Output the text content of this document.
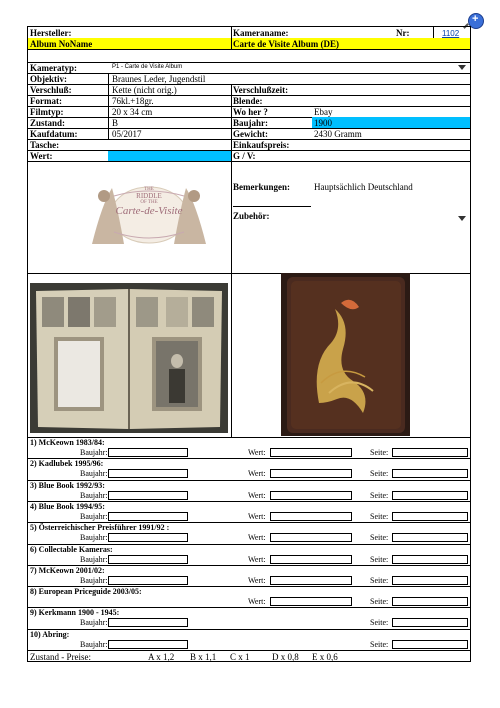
+
Hersteller:	Kameraname:	Nr:	1102
Album NoName	Carte de Visite Album (DE)
Kameratyp:	P1 - Carte de Visite Album
Objektiv:	Braunes Leder, Jugendstil
Verschluß:	Kette (nicht orig.)	Verschlußzeit:
Format:	76kl.+18gr.	Blende:
Filmtyp:	20 x 34 cm	Wo her ?	Ebay
Zustand:	B	Baujahr:	1900
Kaufdatum:	05/2017	Gewicht:	2430 Gramm
Tasche:	Einkaufspreis:
Wert:	G / V:
THE
RIDDLE
OF THE
Carte-de-Visite
Bemerkungen:	Hauptsächlich Deutschland
Zubehör:
1) McKeown 1983/84:
Baujahr:	Wert:	Seite:
2) Kadlubek 1995/96:
Baujahr:	Wert:	Seite:
3) Blue Book 1992/93:
Baujahr:	Wert:	Seite:
4) Blue Book 1994/95:
Baujahr:	Wert:	Seite:
5) Österreichischer Preisführer 1991/92 :
Baujahr:	Wert:	Seite:
6) Collectable Kameras:
Baujahr:	Wert:	Seite:
7) McKeown 2001/02:
Baujahr:	Wert:	Seite:
8) European Priceguide 2003/05:
Wert:	Seite:
9) Kerkmann 1900 - 1945:
Baujahr:	Seite:
10) Abring:
Baujahr:	Seite:
Zustand - Preise:	A x 1,2 B x 1,1 C x 1 D x 0,8 E x 0,6
